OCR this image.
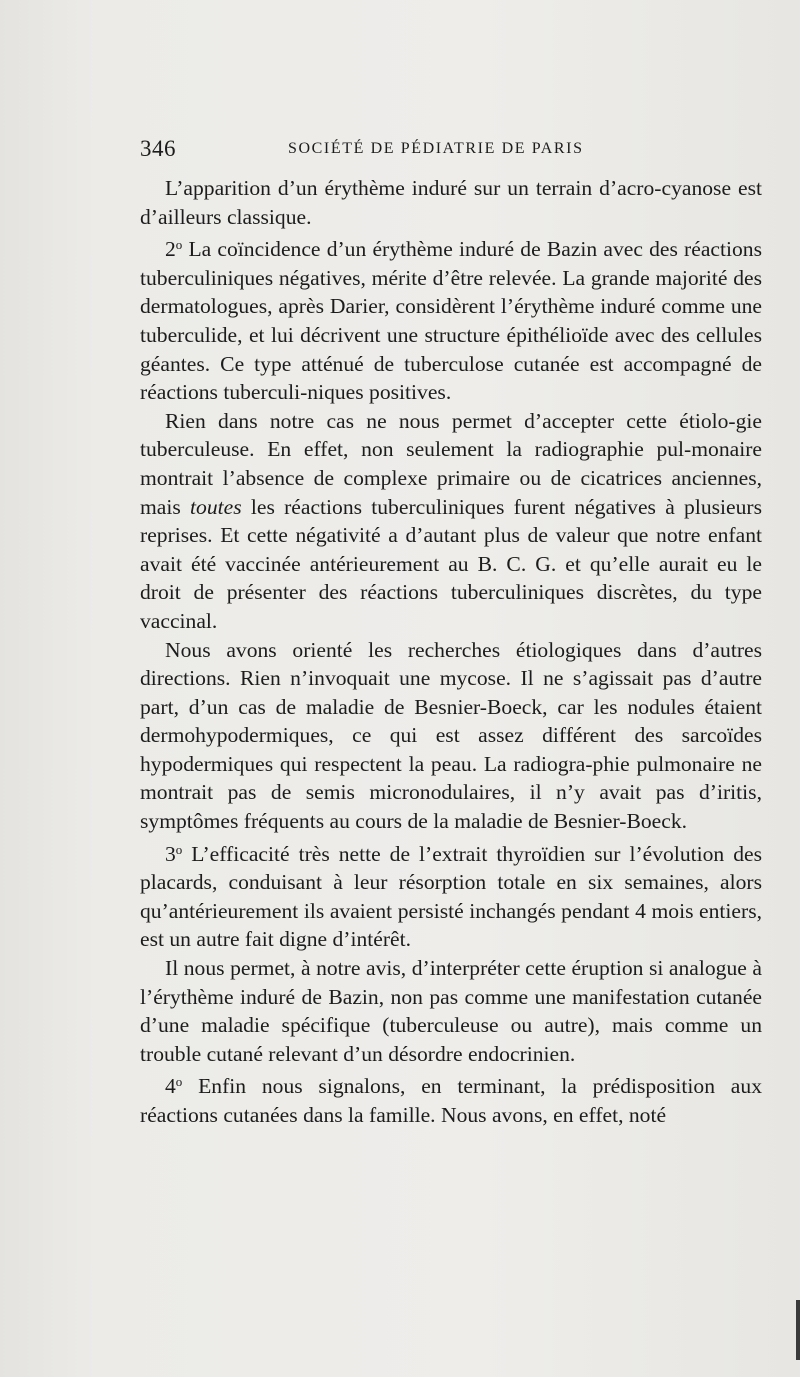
346	SOCIÉTÉ DE PÉDIATRIE DE PARIS

L’apparition d’un érythème induré sur un terrain d’acro-cyanose est d’ailleurs classique.

2$^o$ La coïncidence d’un érythème induré de Bazin avec des réactions tuberculiniques négatives, mérite d’être relevée. La grande majorité des dermatologues, après Darier, considèrent l’érythème induré comme une tuberculide, et lui décrivent une structure épithélioïde avec des cellules géantes. Ce type atténué de tuberculose cutanée est accompagné de réactions tuberculi-niques positives.

Rien dans notre cas ne nous permet d’accepter cette étiolo-gie tuberculeuse. En effet, non seulement la radiographie pul-monaire montrait l’absence de complexe primaire ou de cicatrices anciennes, mais toutes les réactions tuberculiniques furent négatives à plusieurs reprises. Et cette négativité a d’autant plus de valeur que notre enfant avait été vaccinée antérieurement au B. C. G. et qu’elle aurait eu le droit de présenter des réactions tuberculiniques discrètes, du type vaccinal.

Nous avons orienté les recherches étiologiques dans d’autres directions. Rien n’invoquait une mycose. Il ne s’agissait pas d’autre part, d’un cas de maladie de Besnier-Boeck, car les nodules étaient dermohypodermiques, ce qui est assez différent des sarcoïdes hypodermiques qui respectent la peau. La radiogra-phie pulmonaire ne montrait pas de semis micronodulaires, il n’y avait pas d’iritis, symptômes fréquents au cours de la maladie de Besnier-Boeck.

3$^o$ L’efficacité très nette de l’extrait thyroïdien sur l’évolution des placards, conduisant à leur résorption totale en six semaines, alors qu’antérieurement ils avaient persisté inchangés pendant 4 mois entiers, est un autre fait digne d’intérêt.

Il nous permet, à notre avis, d’interpréter cette éruption si analogue à l’érythème induré de Bazin, non pas comme une manifestation cutanée d’une maladie spécifique (tuberculeuse ou autre), mais comme un trouble cutané relevant d’un désordre endocrinien.

4$^o$ Enfin nous signalons, en terminant, la prédisposition aux réactions cutanées dans la famille. Nous avons, en effet, noté
